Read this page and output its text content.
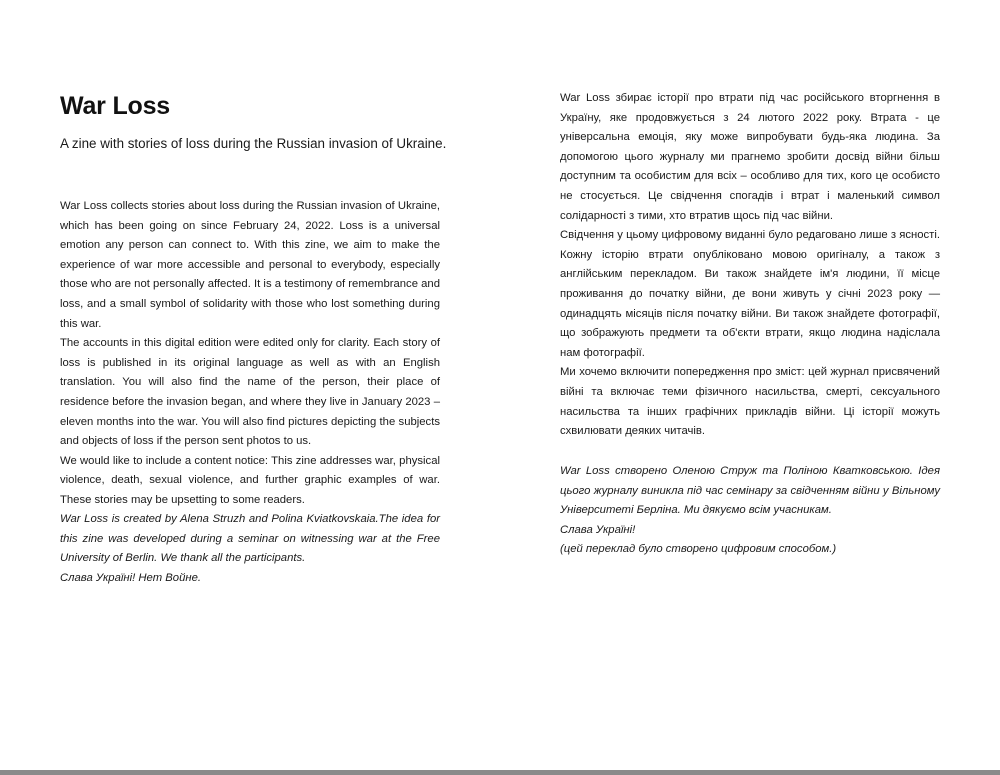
War Loss

A zine with stories of loss during the Russian invasion of Ukraine.

War Loss collects stories about loss during the Russian invasion of Ukraine, which has been going on since February 24, 2022. Loss is a universal emotion any person can connect to. With this zine, we aim to make the experience of war more accessible and personal to everybody, especially those who are not personally affected. It is a testimony of remembrance and loss, and a small symbol of solidarity with those who lost something during this war.

The accounts in this digital edition were edited only for clarity. Each story of loss is published in its original language as well as with an English translation. You will also find the name of the person, their place of residence before the invasion began, and where they live in January 2023 – eleven months into the war. You will also find pictures depicting the subjects and objects of loss if the person sent photos to us.

We would like to include a content notice: This zine addresses war, physical violence, death, sexual violence, and further graphic examples of war. These stories may be upsetting to some readers.

War Loss is created by Alena Struzh and Polina Kviatkovskaia.The idea for this zine was developed during a seminar on witnessing war at the Free University of Berlin. We thank all the participants.

Слава Україні! Нет Войне.

War Loss збирає історії про втрати під час російського вторгнення в Україну, яке продовжується з 24 лютого 2022 року. Втрата - це універсальна емоція, яку може випробувати будь-яка людина. За допомогою цього журналу ми прагнемо зробити досвід війни більш доступним та особистим для всіх – особливо для тих, кого це особисто не стосується. Це свідчення спогадів і втрат і маленький символ солідарності з тими, хто втратив щось під час війни.

Свідчення у цьому цифровому виданні було редаговано лише з ясності. Кожну історію втрати опубліковано мовою оригіналу, а також з англійським перекладом. Ви також знайдете ім'я людини, її місце проживання до початку війни, де вони живуть у січні 2023 року — одинадцять місяців після початку війни. Ви також знайдете фотографії, що зображують предмети та об'єкти втрати, якщо людина надіслала нам фотографії.

Ми хочемо включити попередження про зміст: цей журнал присвячений війні та включає теми фізичного насильства, смерті, сексуального насильства та інших графічних прикладів війни. Ці історії можуть схвилювати деяких читачів.

War Loss створено Оленою Струж та Поліною Кватковською. Ідея цього журналу виникла під час семінару за свідченням війни у Вільному Університеті Берліна. Ми дякуємо всім учасникам.

Слава Україні!

(цей переклад було створено цифровим способом.)
